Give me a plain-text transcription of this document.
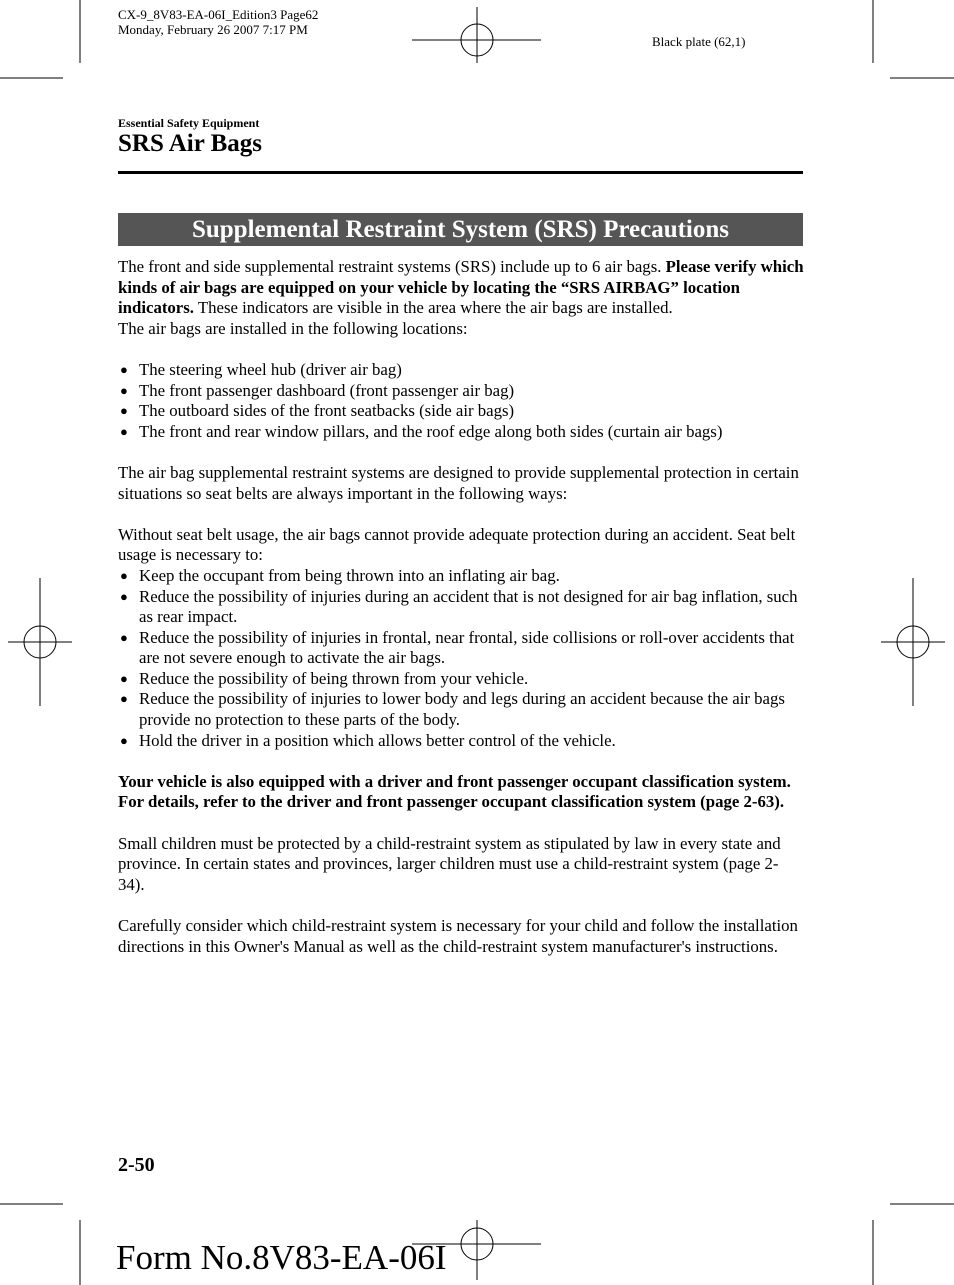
CX-9_8V83-EA-06I_Edition3 Page62
Monday, February 26 2007 7:17 PM
Black plate (62,1)
Essential Safety Equipment
SRS Air Bags
Supplemental Restraint System (SRS) Precautions

The front and side supplemental restraint systems (SRS) include up to 6 air bags. Please verify which kinds of air bags are equipped on your vehicle by locating the “SRS AIRBAG” location indicators. These indicators are visible in the area where the air bags are installed.

The air bags are installed in the following locations:

● The steering wheel hub (driver air bag)
● The front passenger dashboard (front passenger air bag)
● The outboard sides of the front seatbacks (side air bags)
● The front and rear window pillars, and the roof edge along both sides (curtain air bags)

The air bag supplemental restraint systems are designed to provide supplemental protection in certain situations so seat belts are always important in the following ways:

Without seat belt usage, the air bags cannot provide adequate protection during an accident. Seat belt usage is necessary to:

● Keep the occupant from being thrown into an inflating air bag.
● Reduce the possibility of injuries during an accident that is not designed for air bag inflation, such as rear impact.
● Reduce the possibility of injuries in frontal, near frontal, side collisions or roll-over accidents that are not severe enough to activate the air bags.
● Reduce the possibility of being thrown from your vehicle.
● Reduce the possibility of injuries to lower body and legs during an accident because the air bags provide no protection to these parts of the body.
● Hold the driver in a position which allows better control of the vehicle.

Your vehicle is also equipped with a driver and front passenger occupant classification system. For details, refer to the driver and front passenger occupant classification system (page 2-63).

Small children must be protected by a child-restraint system as stipulated by law in every state and province. In certain states and provinces, larger children must use a child-restraint system (page 2-34).

Carefully consider which child-restraint system is necessary for your child and follow the installation directions in this Owner's Manual as well as the child-restraint system manufacturer's instructions.

2-50
Form No.8V83-EA-06I
